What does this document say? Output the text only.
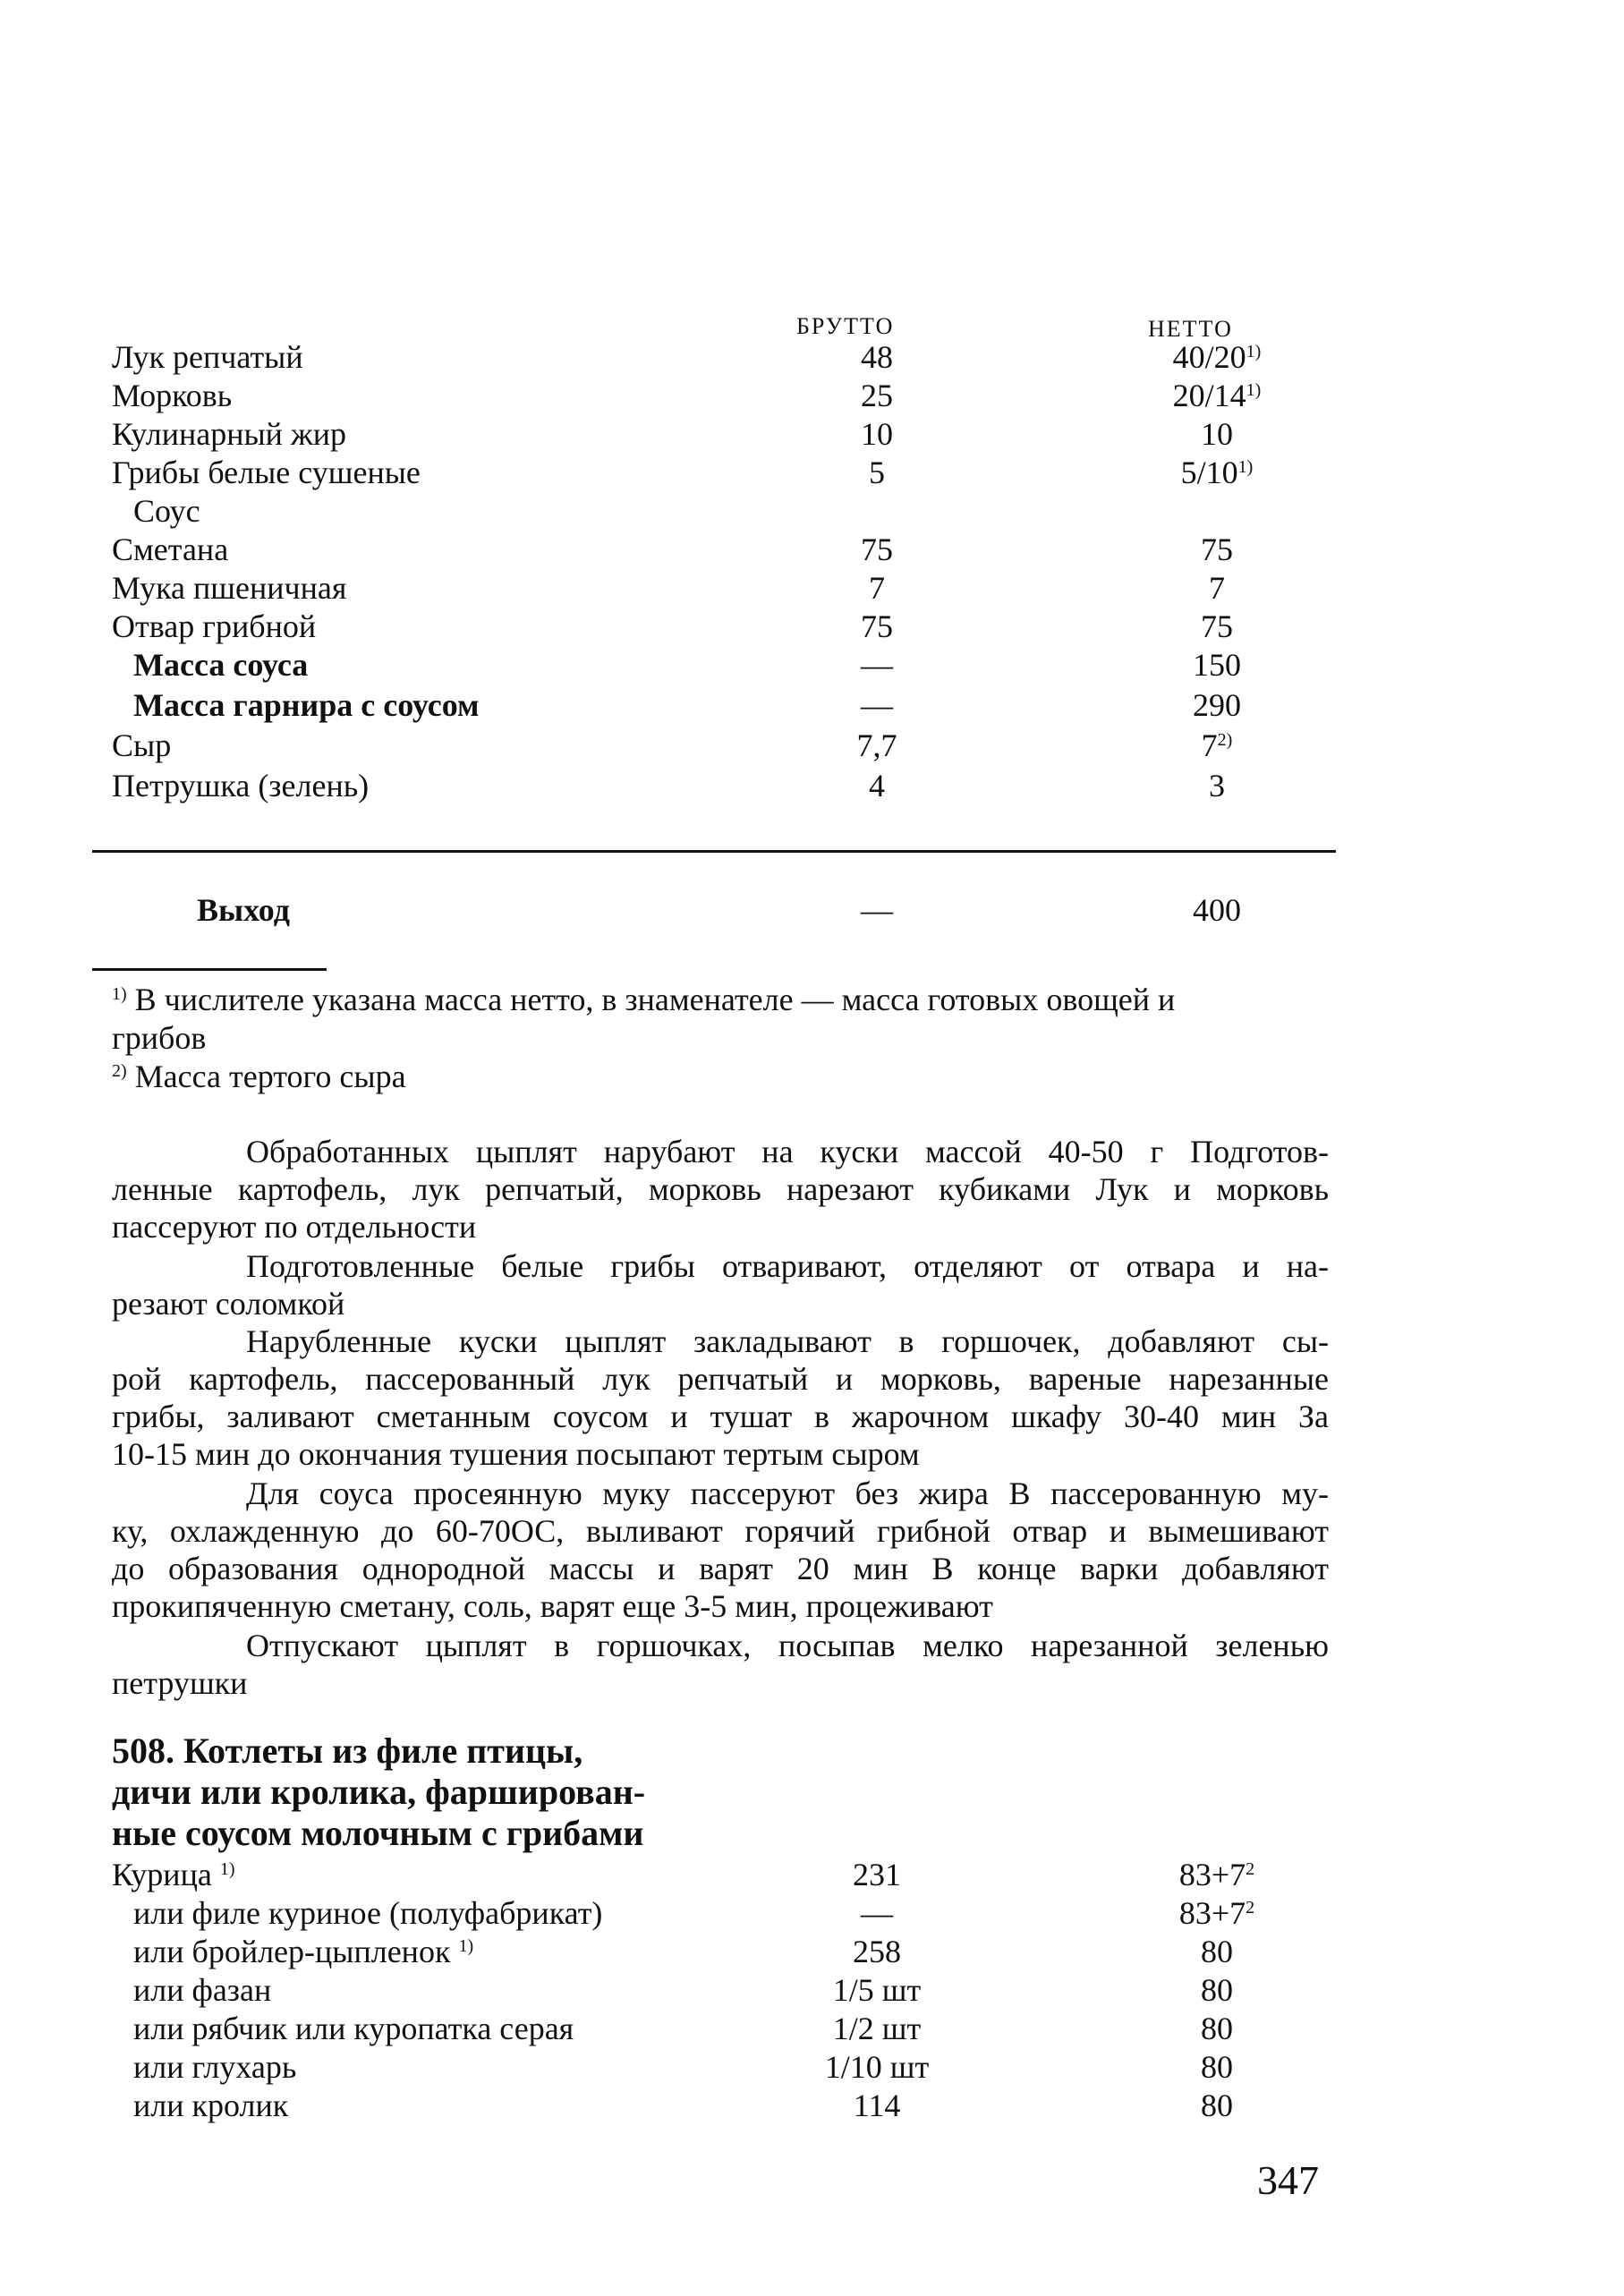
БРУТТО	НЕТТО
Лук репчатый	48	40/20$^{1)}$
Морковь	25	20/14$^{1)}$
Кулинарный жир	10	10
Грибы белые сушеные	5	5/10$^{1)}$
Соус
Сметана	75	75
Мука пшеничная	7	7
Отвар грибной	75	75
Масса соуса	—	150
Масса гарнира с соусом	—	290
Сыр	7,7	7$^{2)}$
Петрушка (зелень)	4	3
Выход	—	400
$^{1)}$ В числителе указана масса нетто, в знаменателе — масса готовых овощей и
грибов
$^{2)}$ Масса тертого сыра
Обработанных цыплят нарубают на куски массой 40-50 г Подготов-
ленные картофель, лук репчатый, морковь нарезают кубиками Лук и морковь
пассеруют по отдельности
Подготовленные белые грибы отваривают, отделяют от отвара и на-
резают соломкой
Нарубленные куски цыплят закладывают в горшочек, добавляют сы-
рой картофель, пассерованный лук репчатый и морковь, вареные нарезанные
грибы, заливают сметанным соусом и тушат в жарочном шкафу 30-40 мин За
10-15 мин до окончания тушения посыпают тертым сыром
Для соуса просеянную муку пассеруют без жира В пассерованную му-
ку, охлажденную до 60-70ОС, выливают горячий грибной отвар и вымешивают
до образования однородной массы и варят 20 мин В конце варки добавляют
прокипяченную сметану, соль, варят еще 3-5 мин, процеживают
Отпускают цыплят в горшочках, посыпав мелко нарезанной зеленью
петрушки
508. Котлеты из филе птицы,
дичи или кролика, фарширован-
ные соусом молочным с грибами
Курица $^{1)}$	231	83+7$^2$
или филе куриное (полуфабрикат)	—	83+7$^2$
или бройлер-цыпленок $^{1)}$	258	80
или фазан	1/5 шт	80
или рябчик или куропатка серая	1/2 шт	80
или глухарь	1/10 шт	80
или кролик	114	80
347
